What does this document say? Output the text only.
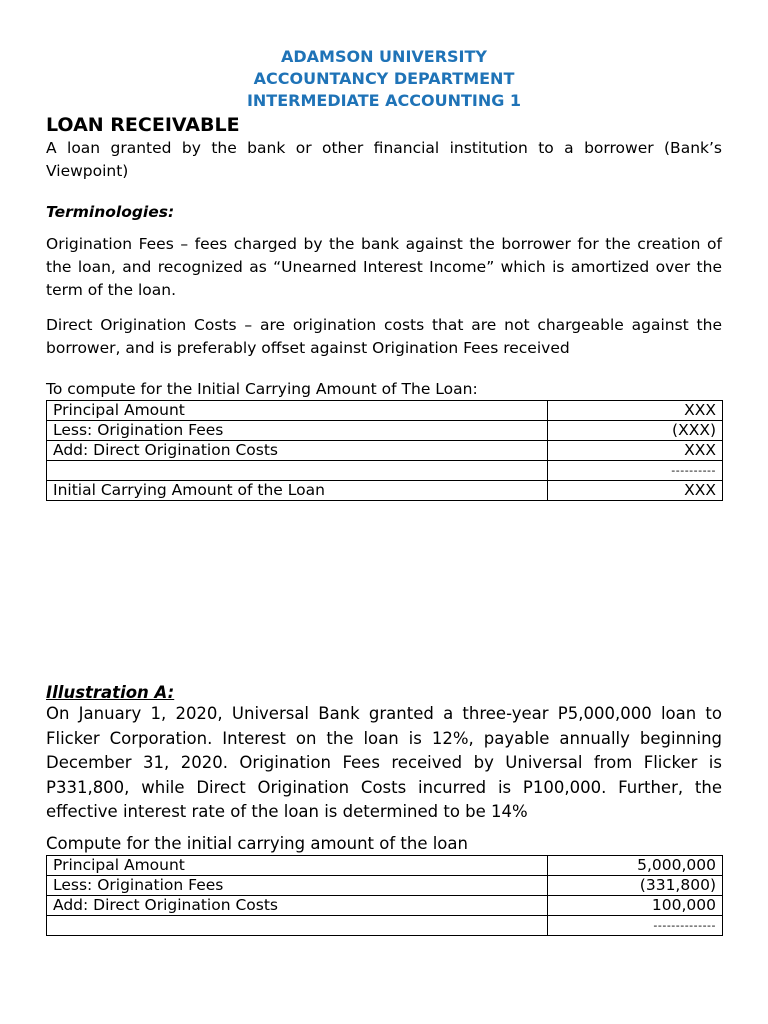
ADAMSON UNIVERSITY
ACCOUNTANCY DEPARTMENT
INTERMEDIATE ACCOUNTING 1
LOAN RECEIVABLE

A loan granted by the bank or other financial institution to a borrower (Bank’s Viewpoint)

Terminologies:

Origination Fees – fees charged by the bank against the borrower for the creation of the loan, and recognized as “Unearned Interest Income” which is amortized over the term of the loan.

Direct Origination Costs – are origination costs that are not chargeable against the borrower, and is preferably offset against Origination Fees received

To compute for the Initial Carrying Amount of The Loan:

Principal Amount	XXX
Less: Origination Fees	(XXX)
Add: Direct Origination Costs	XXX
	----------
Initial Carrying Amount of the Loan	XXX
Illustration A:

On January 1, 2020, Universal Bank granted a three-year P5,000,000 loan to Flicker Corporation. Interest on the loan is 12%, payable annually beginning December 31, 2020. Origination Fees received by Universal from Flicker is P331,800, while Direct Origination Costs incurred is P100,000. Further, the effective interest rate of the loan is determined to be 14%

Compute for the initial carrying amount of the loan

Principal Amount	5,000,000
Less: Origination Fees	(331,800)
Add: Direct Origination Costs	100,000
	--------------
